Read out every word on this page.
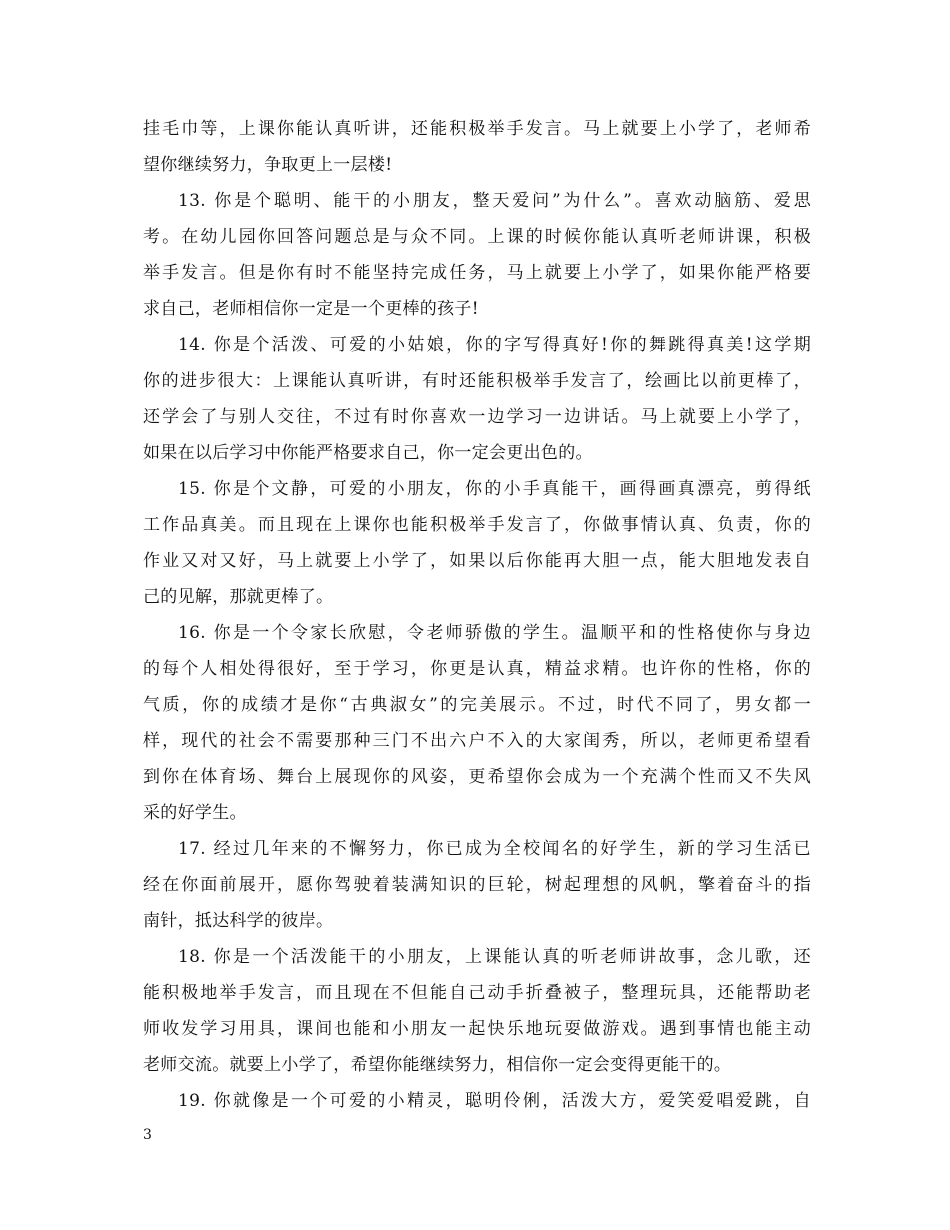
挂毛巾等，上课你能认真听讲，还能积极举手发言。马上就要上小学了，老师希
望你继续努力，争取更上一层楼!
13. 你是个聪明、能干的小朋友，整天爱问”为什么”。喜欢动脑筋、爱思
考。在幼儿园你回答问题总是与众不同。上课的时候你能认真听老师讲课，积极
举手发言。但是你有时不能坚持完成任务，马上就要上小学了，如果你能严格要
求自己，老师相信你一定是一个更棒的孩子!
14. 你是个活泼、可爱的小姑娘，你的字写得真好!你的舞跳得真美!这学期
你的进步很大：上课能认真听讲，有时还能积极举手发言了，绘画比以前更棒了，
还学会了与别人交往，不过有时你喜欢一边学习一边讲话。马上就要上小学了，
如果在以后学习中你能严格要求自己，你一定会更出色的。
15. 你是个文静，可爱的小朋友，你的小手真能干，画得画真漂亮，剪得纸
工作品真美。而且现在上课你也能积极举手发言了，你做事情认真、负责，你的
作业又对又好，马上就要上小学了，如果以后你能再大胆一点，能大胆地发表自
己的见解，那就更棒了。
16. 你是一个令家长欣慰，令老师骄傲的学生。温顺平和的性格使你与身边
的每个人相处得很好，至于学习，你更是认真，精益求精。也许你的性格，你的
气质，你的成绩才是你“古典淑女”的完美展示。不过，时代不同了，男女都一
样，现代的社会不需要那种三门不出六户不入的大家闺秀，所以，老师更希望看
到你在体育场、舞台上展现你的风姿，更希望你会成为一个充满个性而又不失风
采的好学生。
17. 经过几年来的不懈努力，你已成为全校闻名的好学生，新的学习生活已
经在你面前展开，愿你驾驶着装满知识的巨轮，树起理想的风帆，擎着奋斗的指
南针，抵达科学的彼岸。
18. 你是一个活泼能干的小朋友，上课能认真的听老师讲故事，念儿歌，还
能积极地举手发言，而且现在不但能自己动手折叠被子，整理玩具，还能帮助老
师收发学习用具，课间也能和小朋友一起快乐地玩耍做游戏。遇到事情也能主动
老师交流。就要上小学了，希望你能继续努力，相信你一定会变得更能干的。
19. 你就像是一个可爱的小精灵，聪明伶俐，活泼大方，爱笑爱唱爱跳，自
3
